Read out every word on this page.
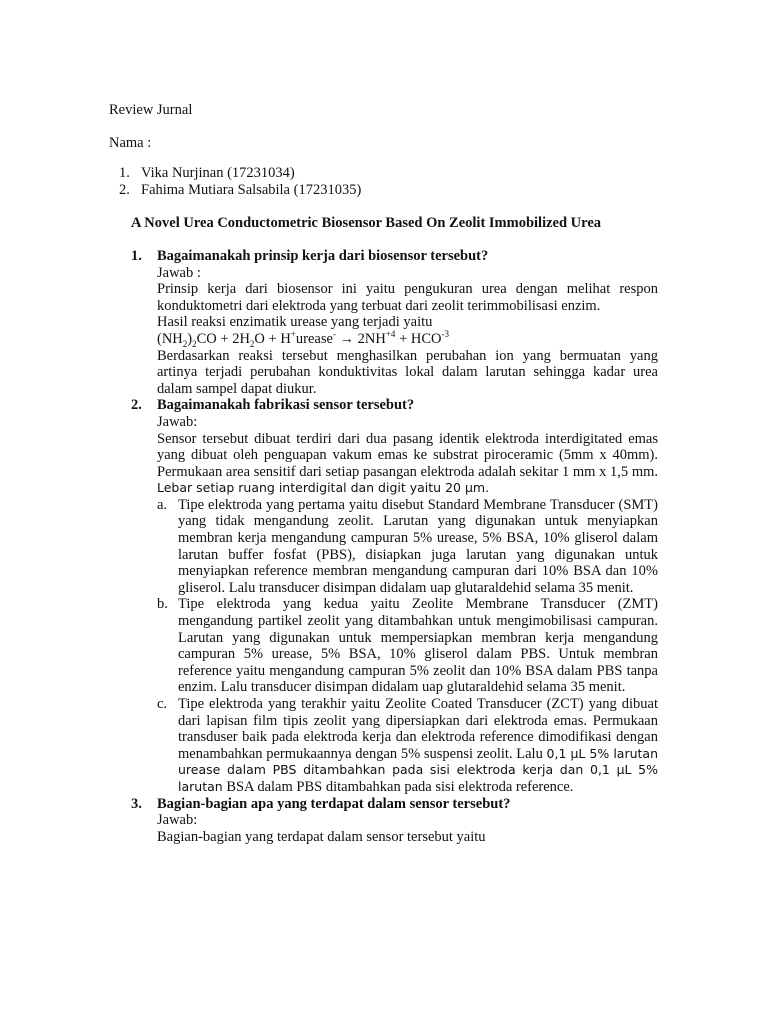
Review Jurnal

Nama :

1. Vika Nurjinan (17231034)
2. Fahima Mutiara Salsabila (17231035)

A Novel Urea Conductometric Biosensor Based On Zeolit Immobilized Urea

1. Bagaimanakah prinsip kerja dari biosensor tersebut?
Jawab :
Prinsip kerja dari biosensor ini yaitu pengukuran urea dengan melihat respon konduktometri dari elektroda yang terbuat dari zeolit terimmobilisasi enzim.
Hasil reaksi enzimatik urease yang terjadi yaitu
$(NH_2)_2CO + 2H_2O$ + H+urease- → $2NH^{+4} + HCO^{-3}$
Berdasarkan reaksi tersebut menghasilkan perubahan ion yang bermuatan yang artinya terjadi perubahan konduktivitas lokal dalam larutan sehingga kadar urea dalam sampel dapat diukur.
2. Bagaimanakah fabrikasi sensor tersebut?
Jawab:
Sensor tersebut dibuat terdiri dari dua pasang identik elektroda interdigitated emas yang dibuat oleh penguapan vakum emas ke substrat piroceramic (5mm x 40mm). Permukaan area sensitif dari setiap pasangan elektroda adalah sekitar 1 mm x 1,5 mm. Lebar setiap ruang interdigital dan digit yaitu 20 μm.
a. Tipe elektroda yang pertama yaitu disebut Standard Membrane Transducer (SMT) yang tidak mengandung zeolit. Larutan yang digunakan untuk menyiapkan membran kerja mengandung campuran 5% urease, 5% BSA, 10% gliserol dalam larutan buffer fosfat (PBS), disiapkan juga larutan yang digunakan untuk menyiapkan reference membran mengandung campuran dari 10% BSA dan 10% gliserol. Lalu transducer disimpan didalam uap glutaraldehid selama 35 menit.
b. Tipe elektroda yang kedua yaitu Zeolite Membrane Transducer (ZMT) mengandung partikel zeolit yang ditambahkan untuk mengimobilisasi campuran. Larutan yang digunakan untuk mempersiapkan membran kerja mengandung campuran 5% urease, 5% BSA, 10% gliserol dalam PBS. Untuk membran reference yaitu mengandung campuran 5% zeolit dan 10% BSA dalam PBS tanpa enzim. Lalu transducer disimpan didalam uap glutaraldehid selama 35 menit.
c. Tipe elektroda yang terakhir yaitu Zeolite Coated Transducer (ZCT) yang dibuat dari lapisan film tipis zeolit yang dipersiapkan dari elektroda emas. Permukaan transduser baik pada elektroda kerja dan elektroda reference dimodifikasi dengan menambahkan permukaannya dengan 5% suspensi zeolit. Lalu 0,1 μL 5% larutan urease dalam PBS ditambahkan pada sisi elektroda kerja dan 0,1 μL 5% larutan BSA dalam PBS ditambahkan pada sisi elektroda reference.
3. Bagian-bagian apa yang terdapat dalam sensor tersebut?
Jawab:
Bagian-bagian yang terdapat dalam sensor tersebut yaitu
